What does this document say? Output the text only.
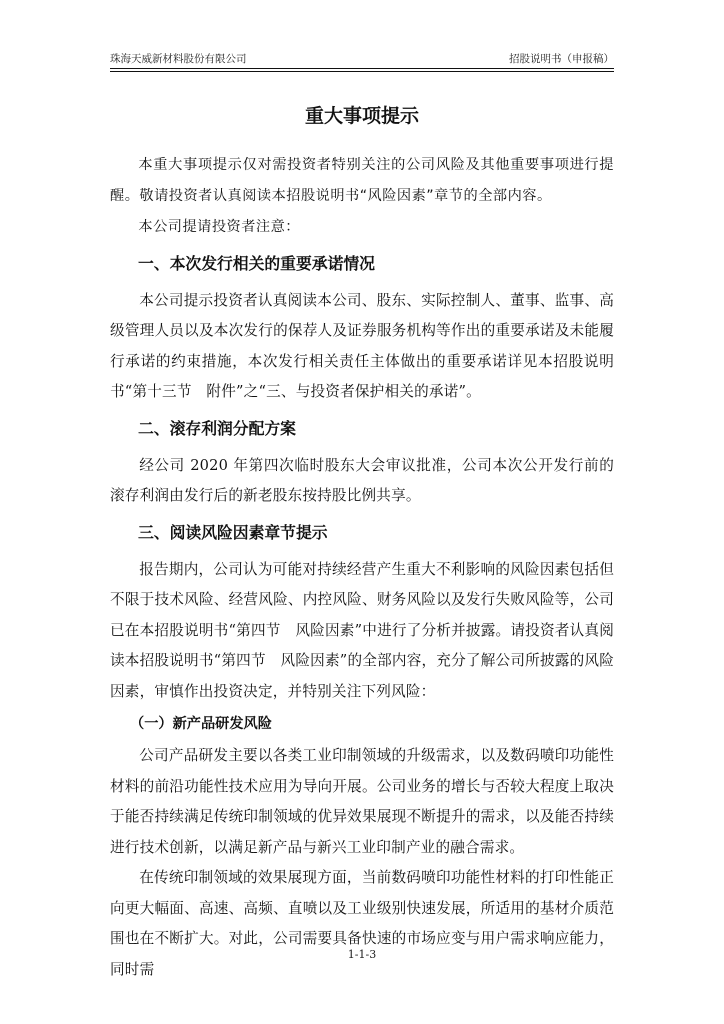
珠海天威新材料股份有限公司	招股说明书（申报稿）
重大事项提示

本重大事项提示仅对需投资者特别关注的公司风险及其他重要事项进行提醒。敬请投资者认真阅读本招股说明书“风险因素”章节的全部内容。

本公司提请投资者注意：

一、本次发行相关的重要承诺情况

本公司提示投资者认真阅读本公司、股东、实际控制人、董事、监事、高级管理人员以及本次发行的保荐人及证券服务机构等作出的重要承诺及未能履行承诺的约束措施，本次发行相关责任主体做出的重要承诺详见本招股说明书“第十三节　附件”之“三、与投资者保护相关的承诺”。

二、滚存利润分配方案

经公司 2020 年第四次临时股东大会审议批准，公司本次公开发行前的滚存利润由发行后的新老股东按持股比例共享。

三、阅读风险因素章节提示

报告期内，公司认为可能对持续经营产生重大不利影响的风险因素包括但不限于技术风险、经营风险、内控风险、财务风险以及发行失败风险等，公司已在本招股说明书“第四节　风险因素”中进行了分析并披露。请投资者认真阅读本招股说明书“第四节　风险因素”的全部内容，充分了解公司所披露的风险因素，审慎作出投资决定，并特别关注下列风险：

（一）新产品研发风险

公司产品研发主要以各类工业印制领域的升级需求，以及数码喷印功能性材料的前沿功能性技术应用为导向开展。公司业务的增长与否较大程度上取决于能否持续满足传统印制领域的优异效果展现不断提升的需求，以及能否持续进行技术创新，以满足新产品与新兴工业印制产业的融合需求。

在传统印制领域的效果展现方面，当前数码喷印功能性材料的打印性能正向更大幅面、高速、高频、直喷以及工业级别快速发展，所适用的基材介质范围也在不断扩大。对此，公司需要具备快速的市场应变与用户需求响应能力，同时需

1-1-3
